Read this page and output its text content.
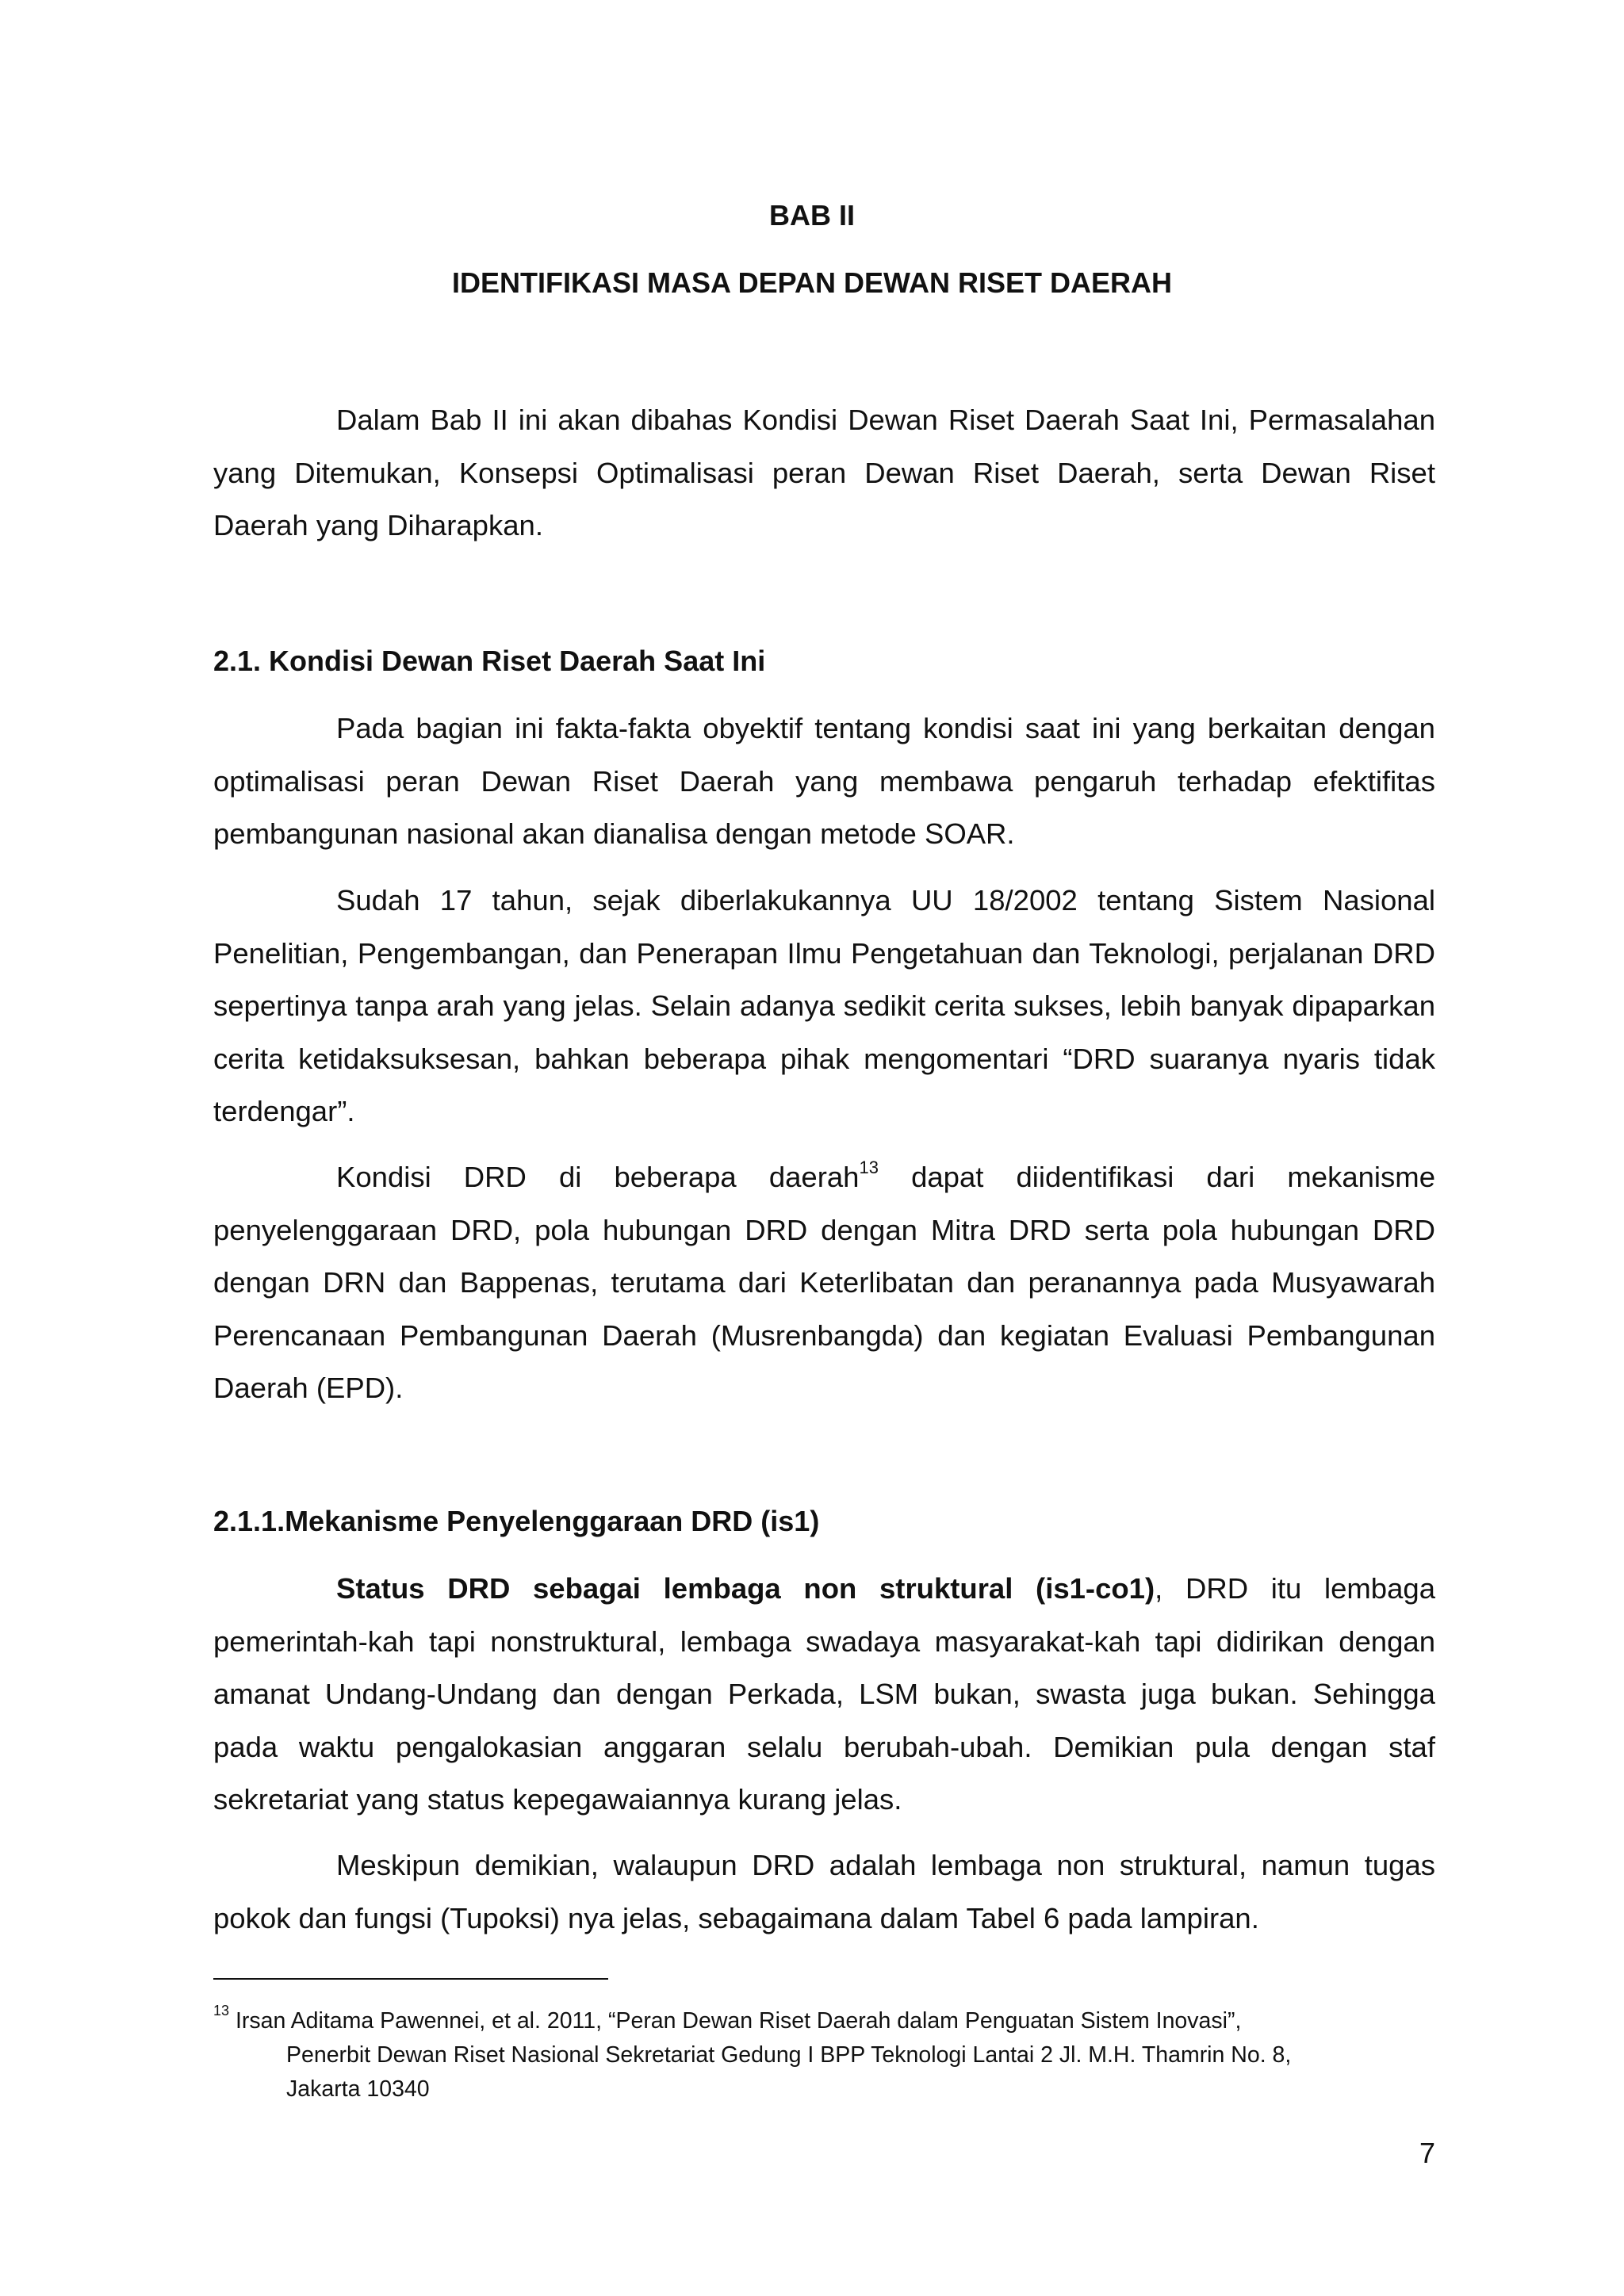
BAB II
IDENTIFIKASI MASA DEPAN DEWAN RISET DAERAH

Dalam Bab II ini akan dibahas Kondisi Dewan Riset Daerah Saat Ini, Permasalahan yang Ditemukan, Konsepsi Optimalisasi peran Dewan Riset Daerah, serta Dewan Riset Daerah yang Diharapkan.

2.1. Kondisi Dewan Riset Daerah Saat Ini

Pada bagian ini fakta-fakta obyektif tentang kondisi saat ini yang berkaitan dengan optimalisasi peran Dewan Riset Daerah yang membawa pengaruh terhadap efektifitas pembangunan nasional akan dianalisa dengan metode SOAR.

Sudah 17 tahun, sejak diberlakukannya UU 18/2002 tentang Sistem Nasional Penelitian, Pengembangan, dan Penerapan Ilmu Pengetahuan dan Teknologi, perjalanan DRD sepertinya tanpa arah yang jelas. Selain adanya sedikit cerita sukses, lebih banyak dipaparkan cerita ketidaksuksesan, bahkan beberapa pihak mengomentari “DRD suaranya nyaris tidak terdengar”.

Kondisi DRD di beberapa daerah$^{13}$ dapat diidentifikasi dari mekanisme penyelenggaraan DRD, pola hubungan DRD dengan Mitra DRD serta pola hubungan DRD dengan DRN dan Bappenas, terutama dari Keterlibatan dan peranannya pada Musyawarah Perencanaan Pembangunan Daerah (Musrenbangda) dan kegiatan Evaluasi Pembangunan Daerah (EPD).

2.1.1.Mekanisme Penyelenggaraan DRD (is1)

Status DRD sebagai lembaga non struktural (is1-co1), DRD itu lembaga pemerintah-kah tapi nonstruktural, lembaga swadaya masyarakat-kah tapi didirikan dengan amanat Undang-Undang dan dengan Perkada, LSM bukan, swasta juga bukan. Sehingga pada waktu pengalokasian anggaran selalu berubah-ubah. Demikian pula dengan staf sekretariat yang status kepegawaiannya kurang jelas.

Meskipun demikian, walaupun DRD adalah lembaga non struktural, namun tugas pokok dan fungsi (Tupoksi) nya jelas, sebagaimana dalam Tabel 6 pada lampiran.

$^{13}$ Irsan Aditama Pawennei, et al. 2011, “Peran Dewan Riset Daerah dalam Penguatan Sistem Inovasi”,
Penerbit Dewan Riset Nasional Sekretariat Gedung I BPP Teknologi Lantai 2 Jl. M.H. Thamrin No. 8,
Jakarta 10340
7
